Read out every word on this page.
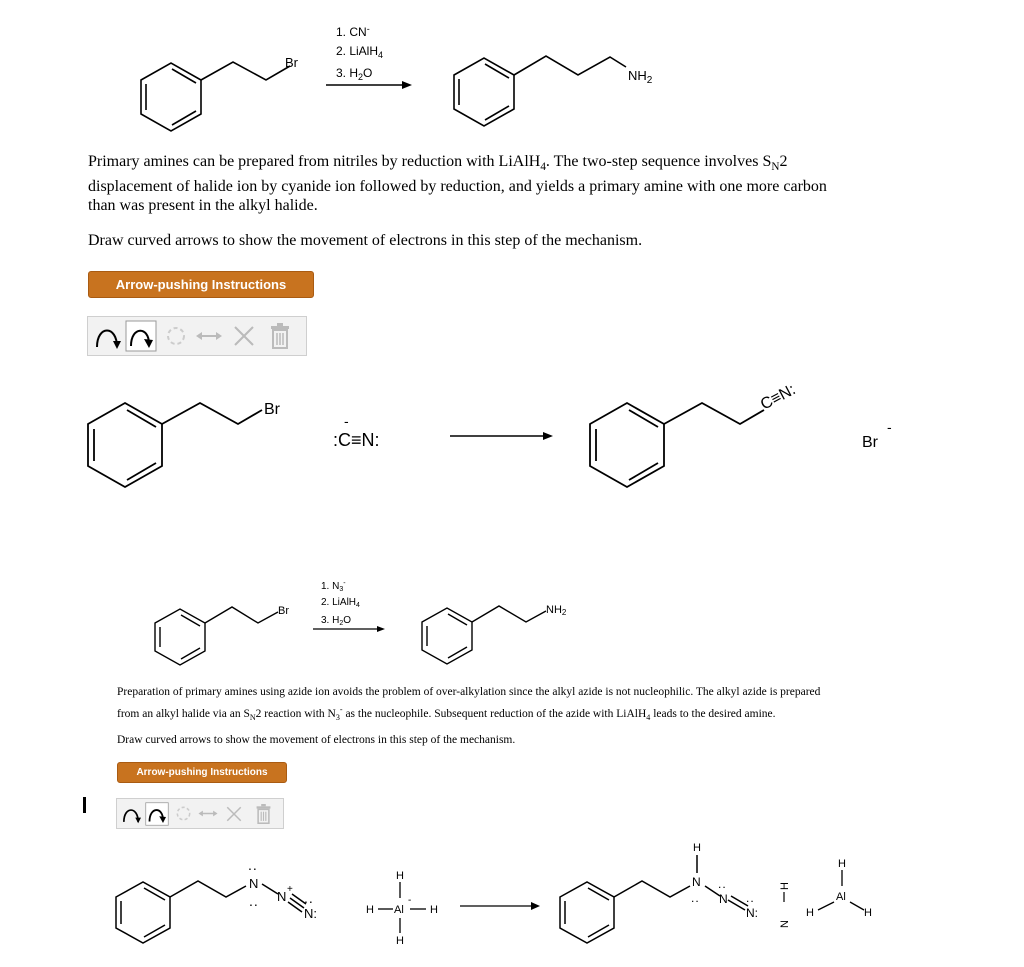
Br
1. CN-
2. LiAlH$_4$
3. $H_2O$	$NH_2$
Primary amines can be prepared from nitriles by reduction with LiAlH$_4$. The two-step sequence involves $S_N2$
displacement of halide ion by cyanide ion followed by reduction, and yields a primary amine with one more carbon
than was present in the alkyl halide.
Draw curved arrows to show the movement of electrons in this step of the mechanism.
Arrow-pushing Instructions
Br
:C≡N:
-
C≡N:
Br
-
Br
1. $N_3^-$
2. LiAlH$_4$
3. $H_2O$
NH2
Preparation of primary amines using azide ion avoids the problem of over-alkylation since the alkyl azide is not nucleophilic. The alkyl azide is prepared
from an alkyl halide via an $S_N2$ reaction with $N_3^-$ as the nucleophile. Subsequent reduction of the azide with LiAlH$_4$ leads to the desired amine.
Draw curved arrows to show the movement of electrons in this step of the mechanism.
Arrow-pushing Instructions
N
..
.. N +
N:
..
H
H Al
-
H
H
H
N
.. N
..
N:
..
N
H
H
Al
H	H
